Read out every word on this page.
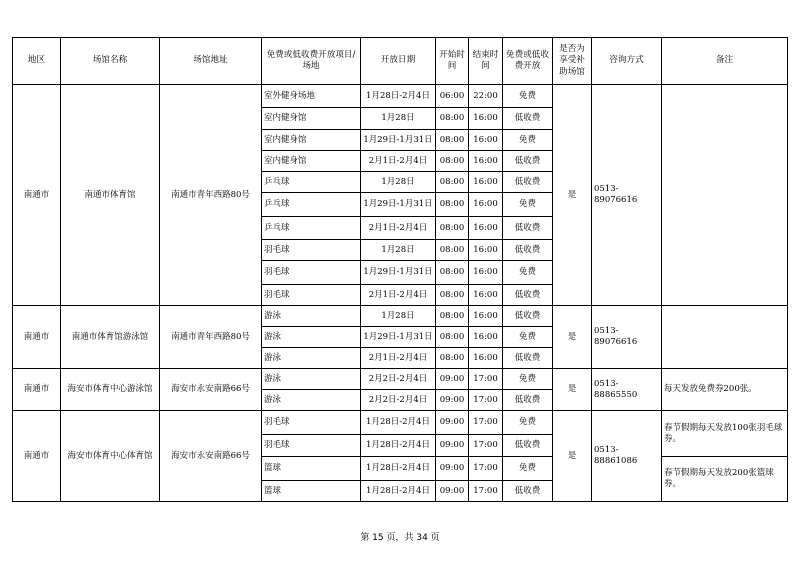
地区	场馆名称	场馆地址	免费或低收费开放项目/场地	开放日期	开始时间	结束时间	免费或低收费开放	是否为享受补助场馆	咨询方式	备注
南通市	南通市体育馆	南通市青年西路80号	室外健身场地	1月28日-2月4日	06:00	22:00	免费	是	0513-89076616	
			室内健身馆	1月28日	08:00	16:00	低收费			
			室内健身馆	1月29日-1月31日	08:00	16:00	免费			
			室内健身馆	2月1日-2月4日	08:00	16:00	低收费			
			乒乓球	1月28日	08:00	16:00	低收费			
			乒乓球	1月29日-1月31日	08:00	16:00	免费			
			乒乓球	2月1日-2月4日	08:00	16:00	低收费			
			羽毛球	1月28日	08:00	16:00	低收费			
			羽毛球	1月29日-1月31日	08:00	16:00	免费			
			羽毛球	2月1日-2月4日	08:00	16:00	低收费			
南通市	南通市体育馆游泳馆	南通市青年西路80号	游泳	1月28日	08:00	16:00	低收费	是	0513-89076616	
			游泳	1月29日-1月31日	08:00	16:00	免费			
			游泳	2月1日-2月4日	08:00	16:00	低收费			
南通市	海安市体育中心游泳馆	海安市永安南路66号	游泳	2月2日-2月4日	09:00	17:00	免费	是	0513-88865550	每天发放免费券200张。
			游泳	2月2日-2月4日	09:00	17:00	低收费			
南通市	海安市体育中心体育馆	海安市永安南路66号	羽毛球	1月28日-2月4日	09:00	17:00	免费	是	0513-88861086	春节假期每天发放100张羽毛球券。
			羽毛球	1月28日-2月4日	09:00	17:00	低收费			
			篮球	1月28日-2月4日	09:00	17:00	免费			春节假期每天发放200张篮球券。
			篮球	1月28日-2月4日	09:00	17:00	低收费			
第 15 页，共 34 页
